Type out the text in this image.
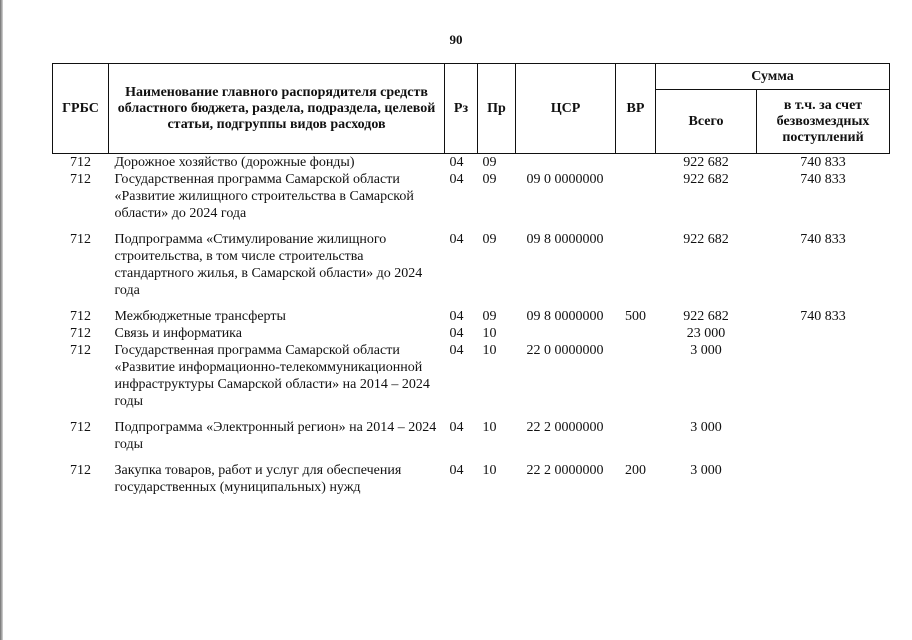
90
ГРБС	Наименование главного распорядителя средств областного бюджета, раздела, подраздела, целевой статьи, подгруппы видов расходов	Рз	Пр	ЦСР	ВР	Сумма	
						Всего	в т.ч. за счет безвозмездных поступлений
712	Дорожное хозяйство (дорожные фонды)	04	09			922 682	740 833
712	Государственная программа Самарской области «Развитие жилищного строительства в Самарской области» до 2024 года	04	09	09 0 0000000		922 682	740 833
712	Подпрограмма «Стимулирование жилищного строительства, в том числе строительства стандартного жилья, в Самарской области» до 2024 года	04	09	09 8 0000000		922 682	740 833
712	Межбюджетные трансферты	04	09	09 8 0000000	500	922 682	740 833
712	Связь и информатика	04	10			23 000	
712	Государственная программа Самарской области «Развитие информационно-телекоммуникационной инфраструктуры Самарской области» на 2014 – 2024 годы	04	10	22 0 0000000		3 000	
712	Подпрограмма «Электронный регион» на 2014 – 2024 годы	04	10	22 2 0000000		3 000	
712	Закупка товаров, работ и услуг для обеспечения государственных (муниципальных) нужд	04	10	22 2 0000000	200	3 000	
